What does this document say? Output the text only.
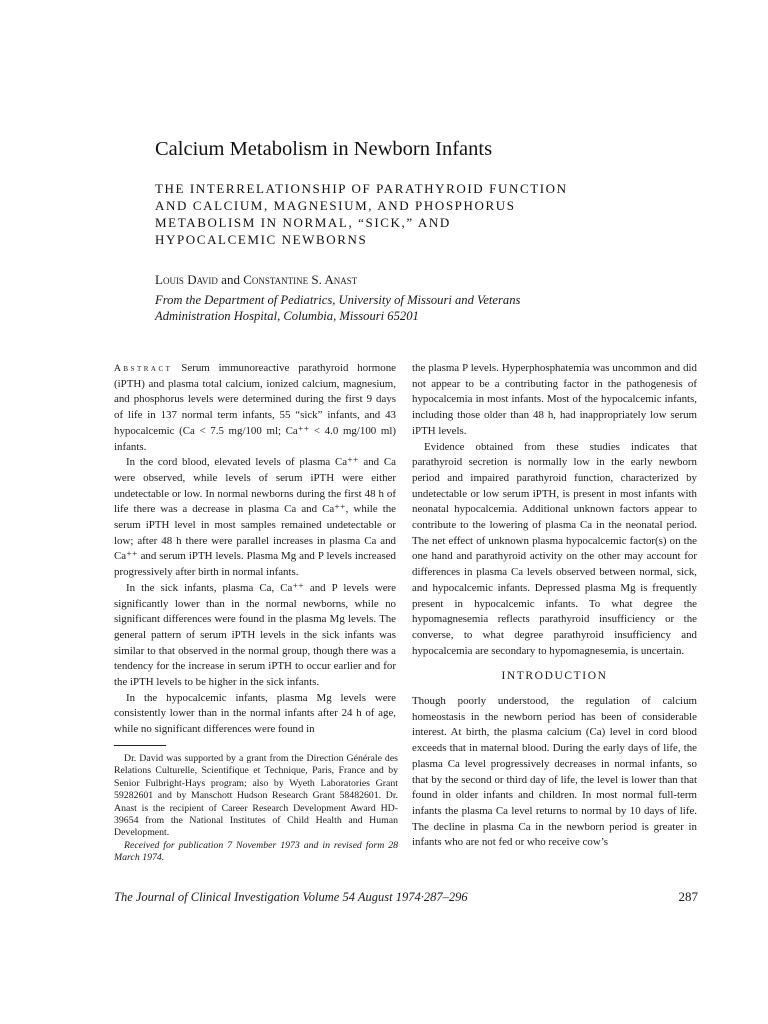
Calcium Metabolism in Newborn Infants
THE INTERRELATIONSHIP OF PARATHYROID FUNCTION
AND CALCIUM, MAGNESIUM, AND PHOSPHORUS
METABOLISM IN NORMAL, “SICK,” AND
HYPOCALCEMIC NEWBORNS
Louis David and Constantine S. Anast
From the Department of Pediatrics, University of Missouri and Veterans
Administration Hospital, Columbia, Missouri 65201

Abstract Serum immunoreactive parathyroid hormone (iPTH) and plasma total calcium, ionized calcium, magnesium, and phosphorus levels were determined during the first 9 days of life in 137 normal term infants, 55 “sick” infants, and 43 hypocalcemic (Ca < 7.5 mg/100 ml; Ca⁺⁺ < 4.0 mg/100 ml) infants.

In the cord blood, elevated levels of plasma Ca⁺⁺ and Ca were observed, while levels of serum iPTH were either undetectable or low. In normal newborns during the first 48 h of life there was a decrease in plasma Ca and Ca⁺⁺, while the serum iPTH level in most samples remained undetectable or low; after 48 h there were parallel increases in plasma Ca and Ca⁺⁺ and serum iPTH levels. Plasma Mg and P levels increased progressively after birth in normal infants.

In the sick infants, plasma Ca, Ca⁺⁺ and P levels were significantly lower than in the normal newborns, while no significant differences were found in the plasma Mg levels. The general pattern of serum iPTH levels in the sick infants was similar to that observed in the normal group, though there was a tendency for the increase in serum iPTH to occur earlier and for the iPTH levels to be higher in the sick infants.

In the hypocalcemic infants, plasma Mg levels were consistently lower than in the normal infants after 24 h of age, while no significant differences were found in

Dr. David was supported by a grant from the Direction Générale des Relations Culturelle, Scientifique et Technique, Paris, France and by Senior Fulbright-Hays program; also by Wyeth Laboratories Grant 59282601 and by Manschott Hudson Research Grant 58482601. Dr. Anast is the recipient of Career Research Development Award HD-39654 from the National Institutes of Child Health and Human Development.

Received for publication 7 November 1973 and in revised form 28 March 1974.

the plasma P levels. Hyperphosphatemia was uncommon and did not appear to be a contributing factor in the pathogenesis of hypocalcemia in most infants. Most of the hypocalcemic infants, including those older than 48 h, had inappropriately low serum iPTH levels.

Evidence obtained from these studies indicates that parathyroid secretion is normally low in the early newborn period and impaired parathyroid function, characterized by undetectable or low serum iPTH, is present in most infants with neonatal hypocalcemia. Additional unknown factors appear to contribute to the lowering of plasma Ca in the neonatal period. The net effect of unknown plasma hypocalcemic factor(s) on the one hand and parathyroid activity on the other may account for differences in plasma Ca levels observed between normal, sick, and hypocalcemic infants. Depressed plasma Mg is frequently present in hypocalcemic infants. To what degree the hypomagnesemia reflects parathyroid insufficiency or the converse, to what degree parathyroid insufficiency and hypocalcemia are secondary to hypomagnesemia, is uncertain.

INTRODUCTION

Though poorly understood, the regulation of calcium homeostasis in the newborn period has been of considerable interest. At birth, the plasma calcium (Ca) level in cord blood exceeds that in maternal blood. During the early days of life, the plasma Ca level progressively decreases in normal infants, so that by the second or third day of life, the level is lower than that found in older infants and children. In most normal full-term infants the plasma Ca level returns to normal by 10 days of life. The decline in plasma Ca in the newborn period is greater in infants who are not fed or who receive cow’s

The Journal of Clinical Investigation Volume 54 August 1974·287–296	287
